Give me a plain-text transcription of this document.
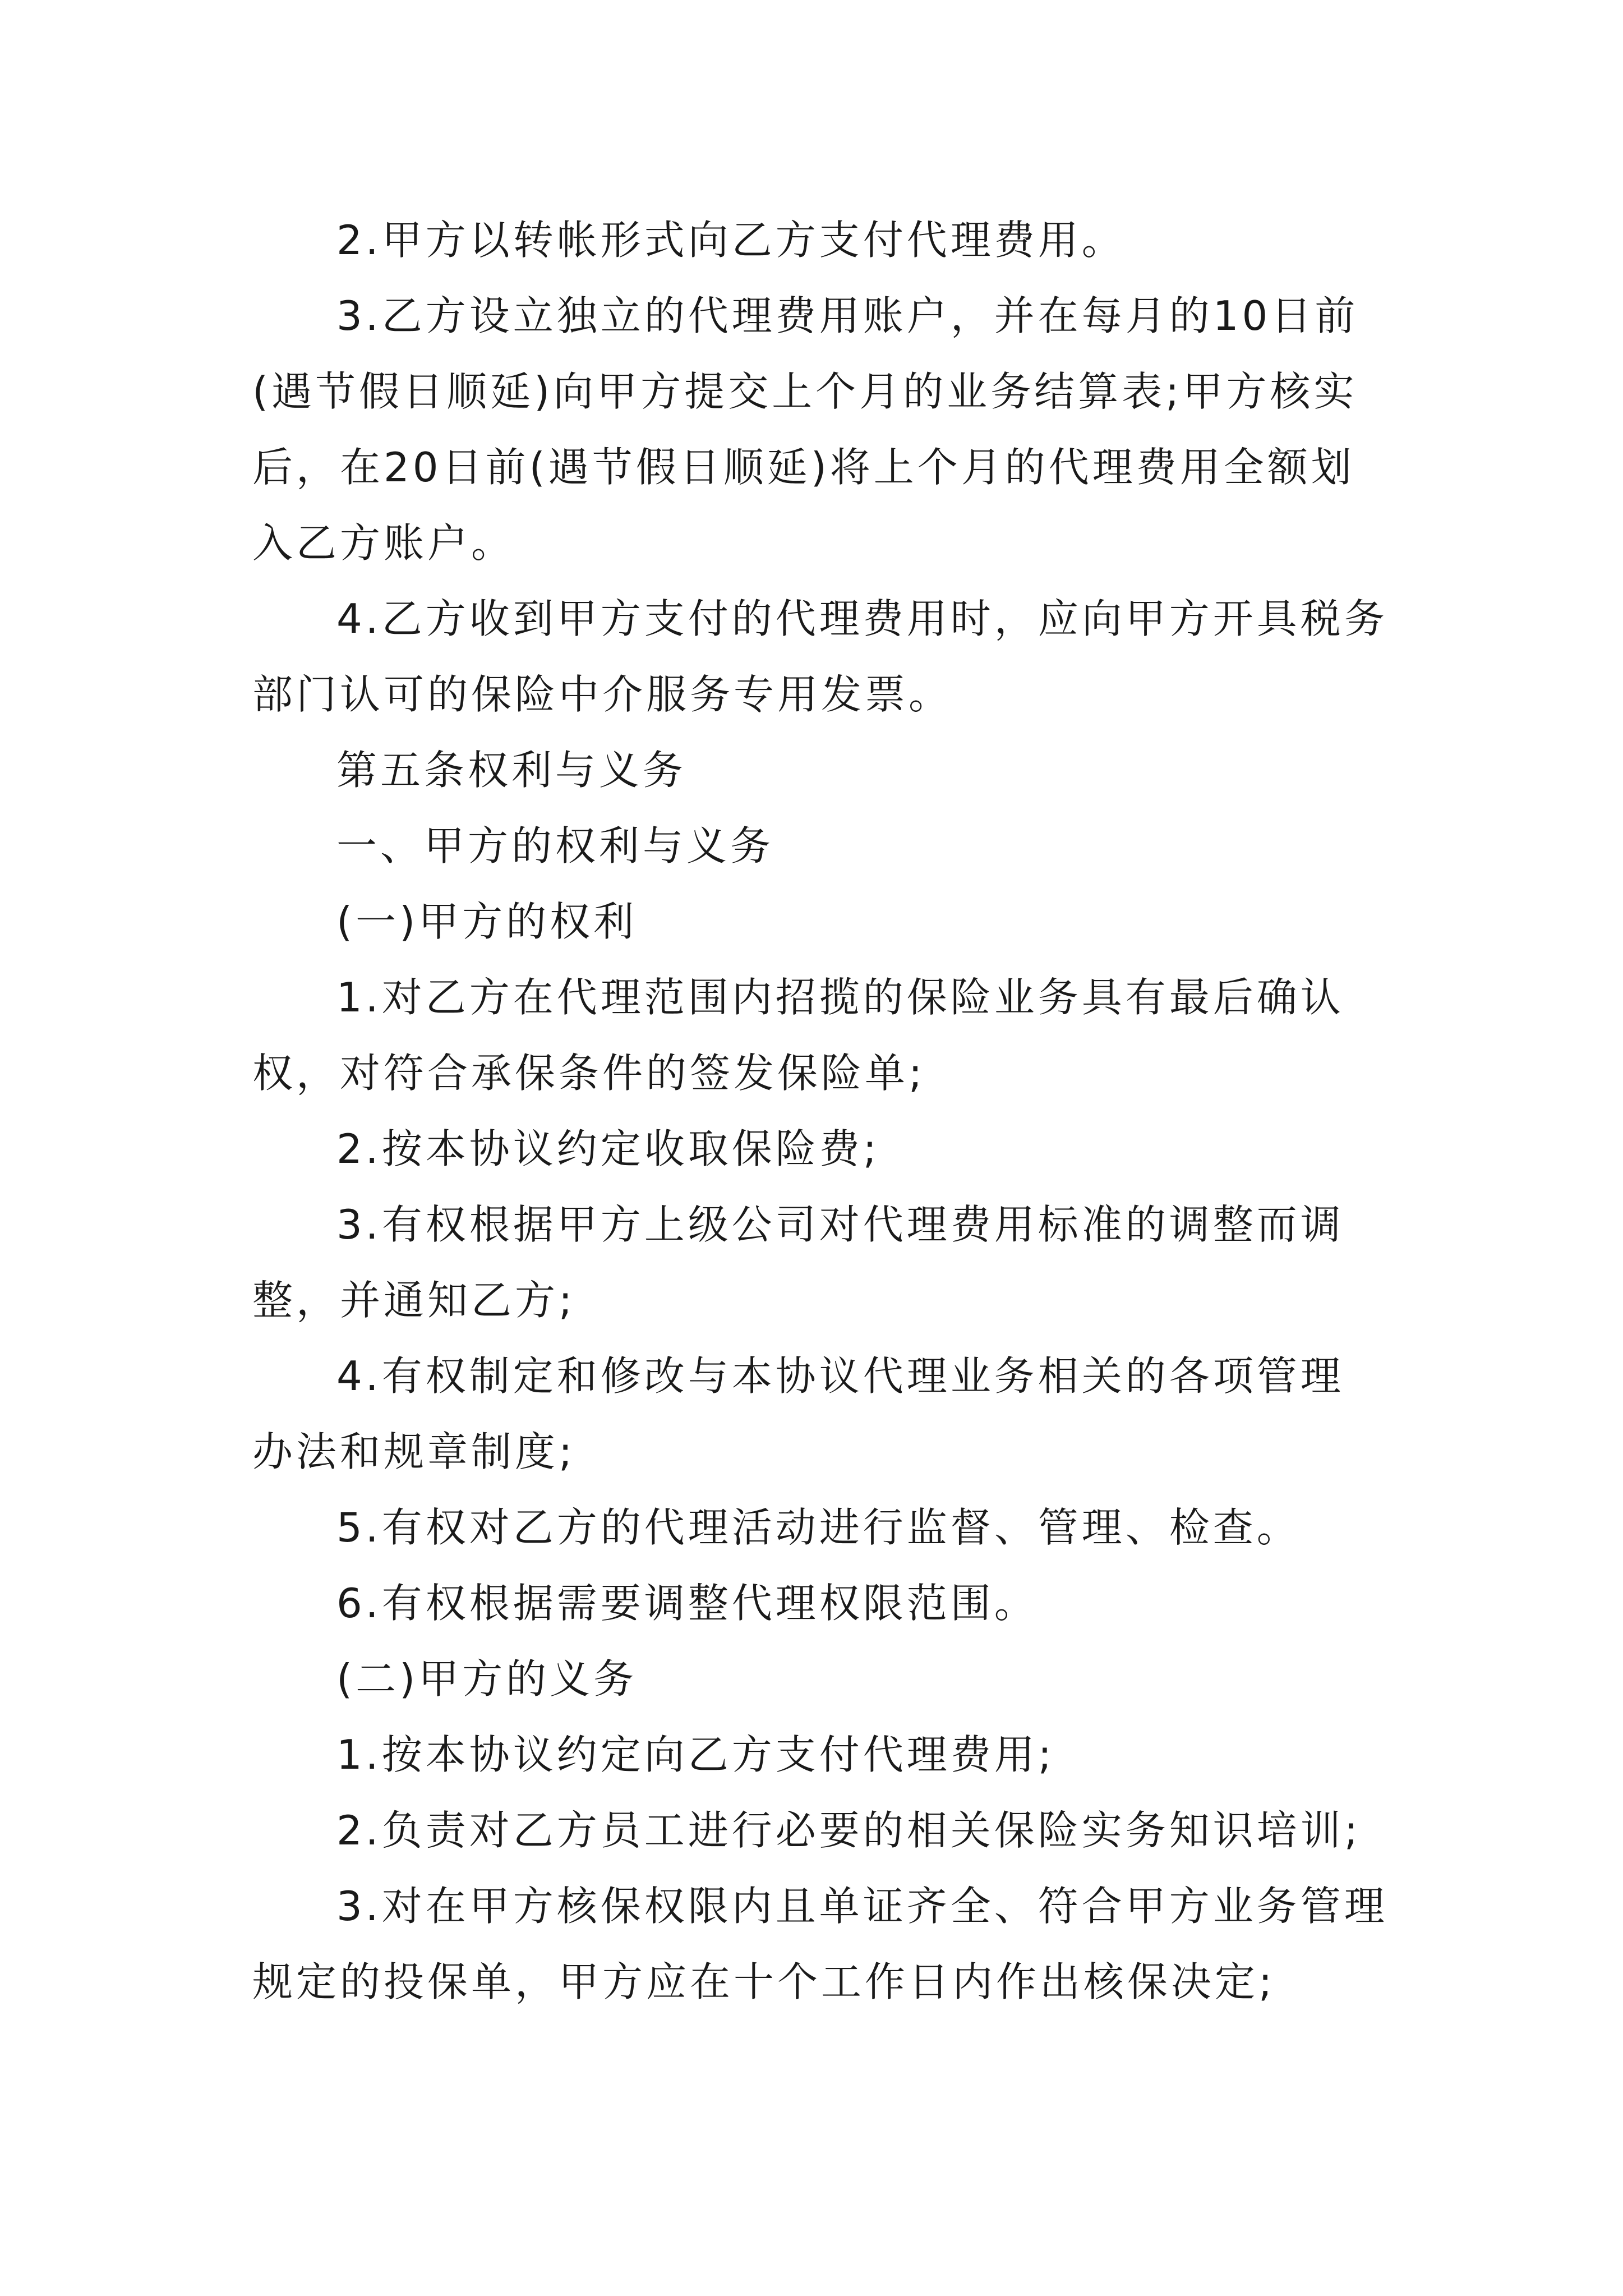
2.甲方以转帐形式向乙方支付代理费用。
3.乙方设立独立的代理费用账户，并在每月的10日前
(遇节假日顺延)向甲方提交上个月的业务结算表;甲方核实
后，在20日前(遇节假日顺延)将上个月的代理费用全额划
入乙方账户。
4.乙方收到甲方支付的代理费用时，应向甲方开具税务
部门认可的保险中介服务专用发票。
第五条权利与义务
一、甲方的权利与义务
(一)甲方的权利
1.对乙方在代理范围内招揽的保险业务具有最后确认
权，对符合承保条件的签发保险单;
2.按本协议约定收取保险费;
3.有权根据甲方上级公司对代理费用标准的调整而调
整，并通知乙方;
4.有权制定和修改与本协议代理业务相关的各项管理
办法和规章制度;
5.有权对乙方的代理活动进行监督、管理、检查。
6.有权根据需要调整代理权限范围。
(二)甲方的义务
1.按本协议约定向乙方支付代理费用;
2.负责对乙方员工进行必要的相关保险实务知识培训;
3.对在甲方核保权限内且单证齐全、符合甲方业务管理
规定的投保单，甲方应在十个工作日内作出核保决定;
